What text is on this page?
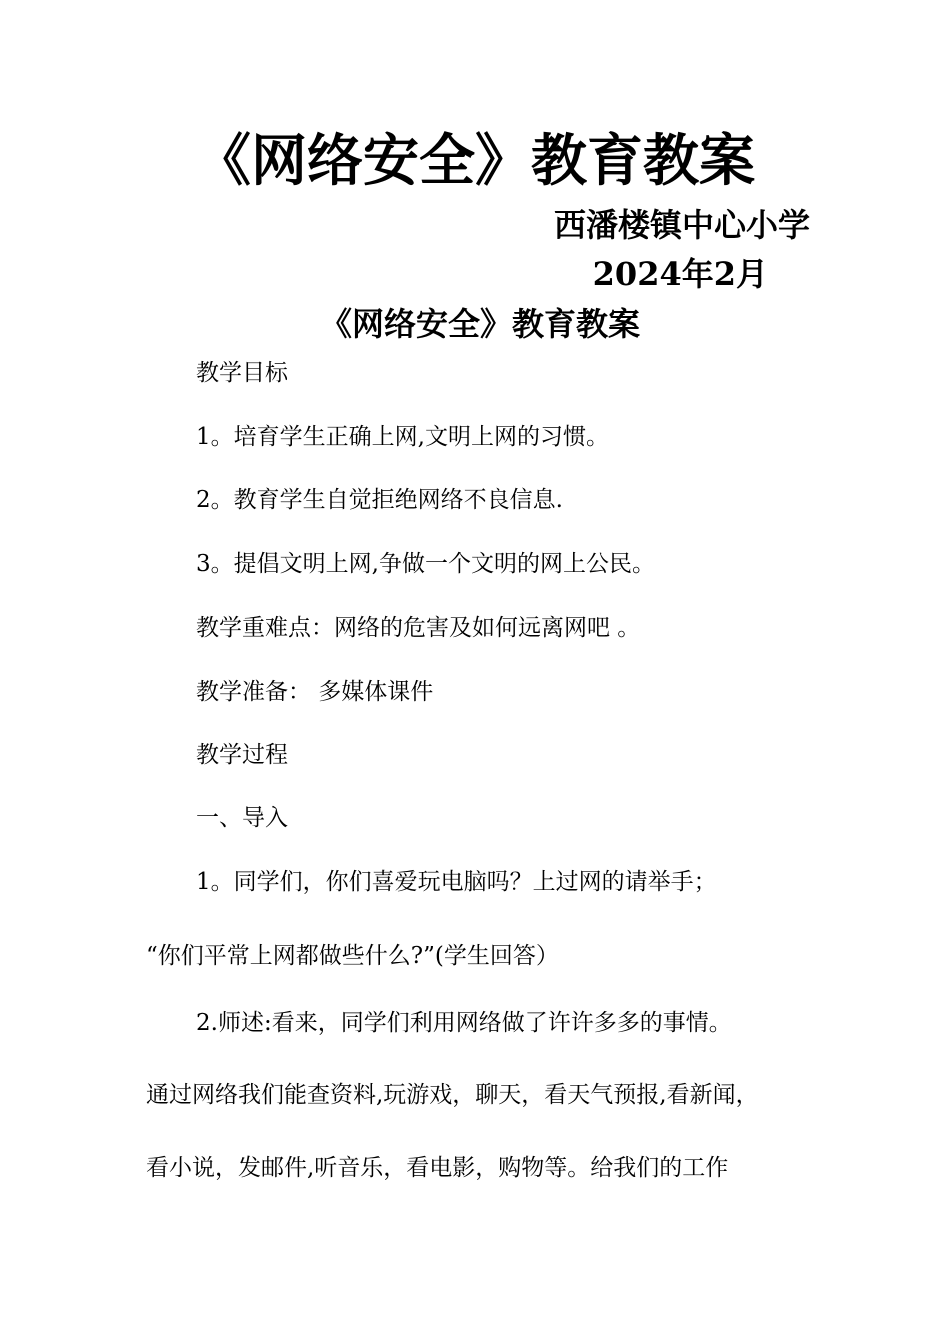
《网络安全》教育教案
西潘楼镇中心小学
2024年2月
《网络安全》教育教案
教学目标
1。培育学生正确上网,文明上网的习惯。
2。教育学生自觉拒绝网络不良信息.
3。提倡文明上网,争做一个文明的网上公民。
教学重难点：网络的危害及如何远离网吧 。
教学准备： 多媒体课件
教学过程
一、导入
1。同学们，你们喜爱玩电脑吗？上过网的请举手；
“你们平常上网都做些什么?”(学生回答）
2.师述:看来，同学们利用网络做了许许多多的事情。
通过网络我们能查资料,玩游戏，聊天，看天气预报,看新闻，
看小说，发邮件,听音乐，看电影，购物等。给我们的工作
